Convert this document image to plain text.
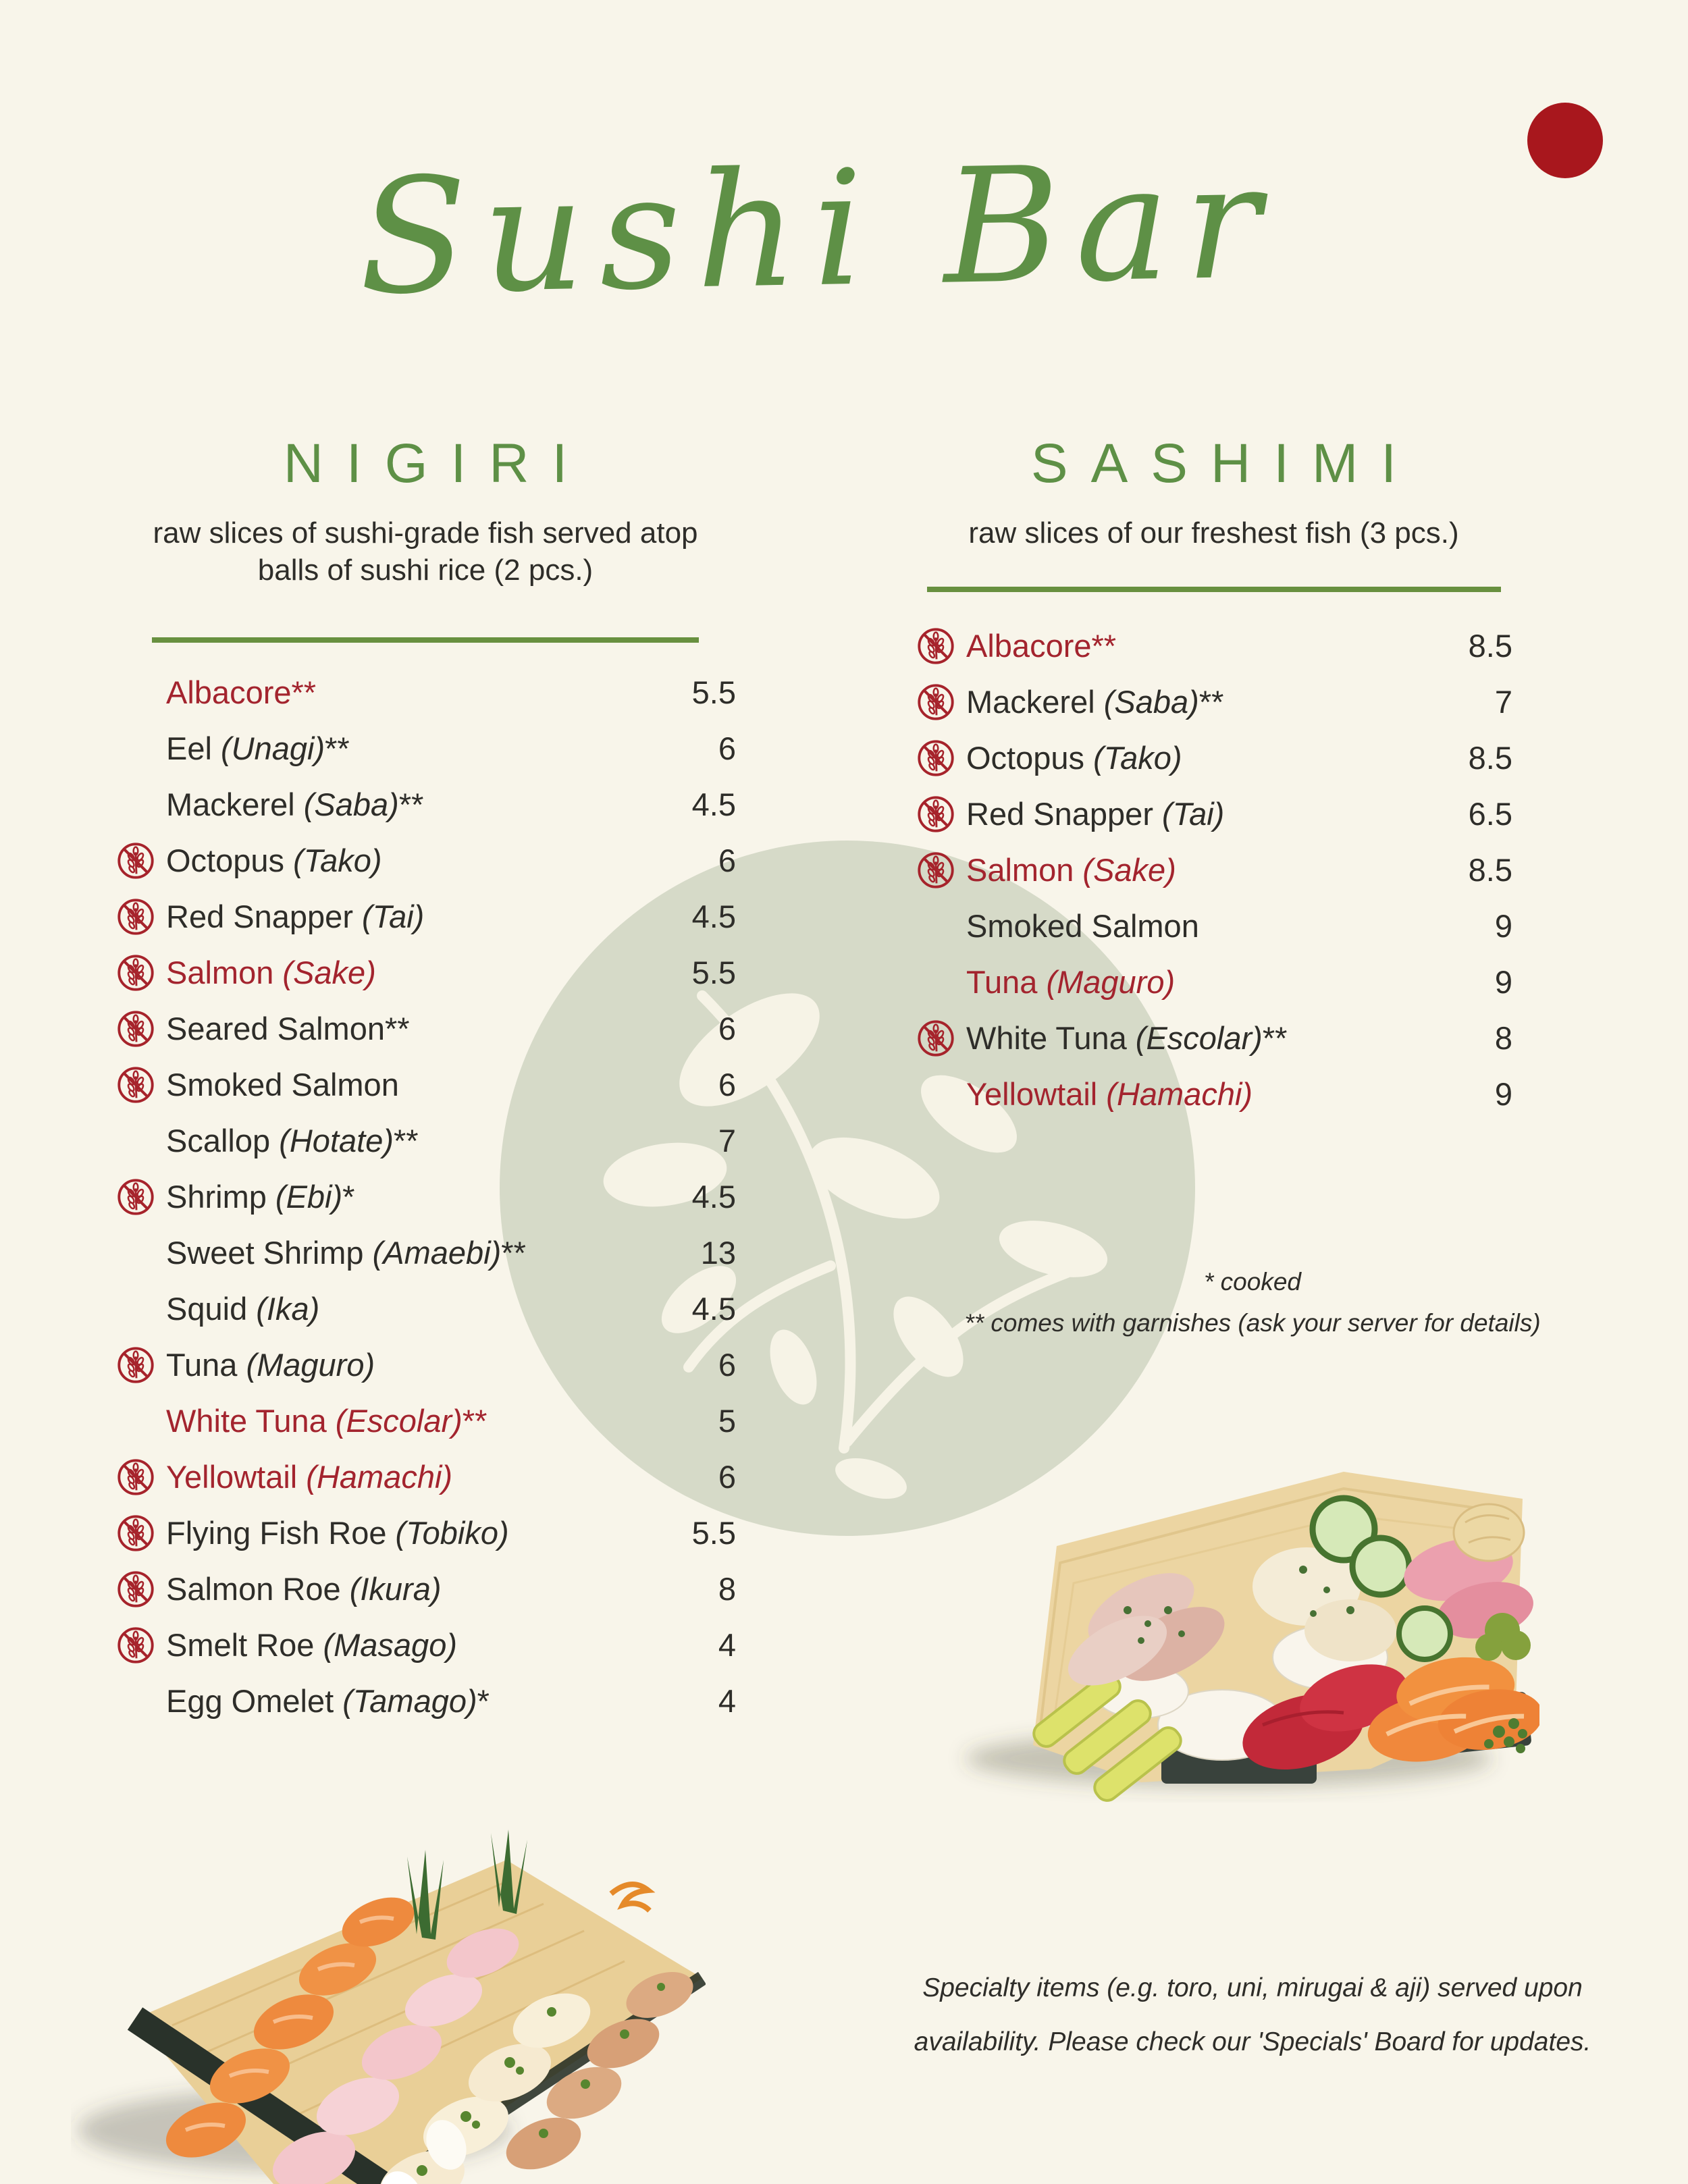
Sushi Bar
NIGIRI
raw slices of sushi-grade fish served atop
balls of sushi rice (2 pcs.)
Albacore**	5.5
Eel (Unagi)**	6
Mackerel (Saba)**	4.5
Octopus (Tako)	6
Red Snapper (Tai)	4.5
Salmon (Sake)	5.5
Seared Salmon**	6
Smoked Salmon	6
Scallop (Hotate)**	7
Shrimp (Ebi)*	4.5
Sweet Shrimp (Amaebi)**	13
Squid (Ika)	4.5
Tuna (Maguro)	6
White Tuna (Escolar)**	5
Yellowtail (Hamachi)	6
Flying Fish Roe (Tobiko)	5.5
Salmon Roe (Ikura)	8
Smelt Roe (Masago)	4
Egg Omelet (Tamago)*	4
SASHIMI
raw slices of our freshest fish (3 pcs.)
Albacore**	8.5
Mackerel (Saba)**	7
Octopus (Tako)	8.5
Red Snapper (Tai)	6.5
Salmon (Sake)	8.5
Smoked Salmon	9
Tuna (Maguro)	9
White Tuna (Escolar)**	8
Yellowtail (Hamachi)	9
* cooked
** comes with garnishes (ask your server for details)
Specialty items (e.g. toro, uni, mirugai & aji) served upon availability. Please check our 'Specials' Board for updates.
